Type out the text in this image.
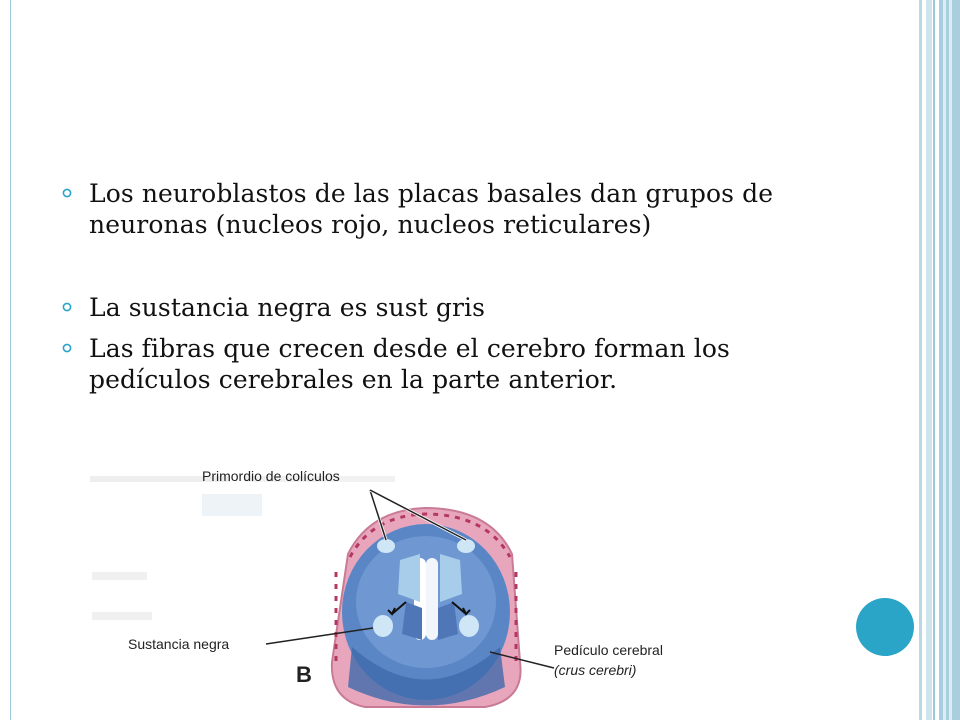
Los neuroblastos de las placas basales dan grupos de neuronas (nucleos rojo, nucleos reticulares)
La sustancia negra es sust gris
Las fibras que crecen desde el cerebro forman los pedículos cerebrales en la parte anterior.
Primordio de colículos
Sustancia negra	Pedículo cerebral
(crus cerebri)
B
